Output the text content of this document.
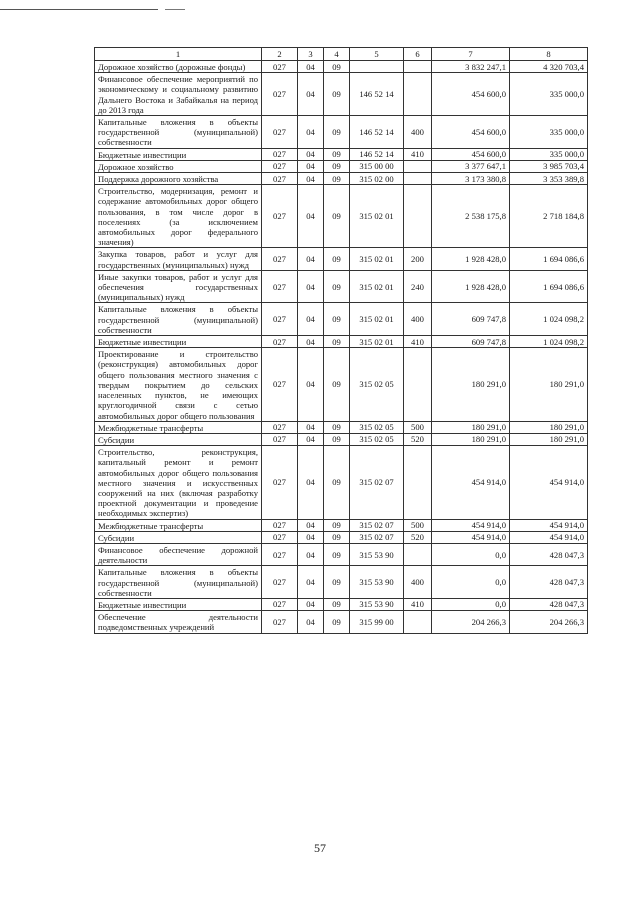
1	2	3	4	5	6	7	8
Дорожное хозяйство (дорожные фонды)	027	04	09			3 832 247,1	4 320 703,4
Финансовое обеспечение мероприятий по экономическому и социальному развитию Дальнего Востока и Забайкалья на период до 2013 года	027	04	09	146 52 14		454 600,0	335 000,0
Капитальные вложения в объекты государственной (муниципальной) собственности	027	04	09	146 52 14	400	454 600,0	335 000,0
Бюджетные инвестиции	027	04	09	146 52 14	410	454 600,0	335 000,0
Дорожное хозяйство	027	04	09	315 00 00		3 377 647,1	3 985 703,4
Поддержка дорожного хозяйства	027	04	09	315 02 00		3 173 380,8	3 353 389,8
Строительство, модернизация, ремонт и содержание автомобильных дорог общего пользования, в том числе дорог в поселениях (за исключением автомобильных дорог федерального значения)	027	04	09	315 02 01		2 538 175,8	2 718 184,8
Закупка товаров, работ и услуг для государственных (муниципальных) нужд	027	04	09	315 02 01	200	1 928 428,0	1 694 086,6
Иные закупки товаров, работ и услуг для обеспечения государственных (муниципальных) нужд	027	04	09	315 02 01	240	1 928 428,0	1 694 086,6
Капитальные вложения в объекты государственной (муниципальной) собственности	027	04	09	315 02 01	400	609 747,8	1 024 098,2
Бюджетные инвестиции	027	04	09	315 02 01	410	609 747,8	1 024 098,2
Проектирование и строительство (реконструкция) автомобильных дорог общего пользования местного значения с твердым покрытием до сельских населенных пунктов, не имеющих круглогодичной связи с сетью автомобильных дорог общего пользования	027	04	09	315 02 05		180 291,0	180 291,0
Межбюджетные трансферты	027	04	09	315 02 05	500	180 291,0	180 291,0
Субсидии	027	04	09	315 02 05	520	180 291,0	180 291,0
Строительство, реконструкция, капитальный ремонт и ремонт автомобильных дорог общего пользования местного значения и искусственных сооружений на них (включая разработку проектной документации и проведение необходимых экспертиз)	027	04	09	315 02 07		454 914,0	454 914,0
Межбюджетные трансферты	027	04	09	315 02 07	500	454 914,0	454 914,0
Субсидии	027	04	09	315 02 07	520	454 914,0	454 914,0
Финансовое обеспечение дорожной деятельности	027	04	09	315 53 90		0,0	428 047,3
Капитальные вложения в объекты государственной (муниципальной) собственности	027	04	09	315 53 90	400	0,0	428 047,3
Бюджетные инвестиции	027	04	09	315 53 90	410	0,0	428 047,3
Обеспечение деятельности подведомственных учреждений	027	04	09	315 99 00		204 266,3	204 266,3
57
